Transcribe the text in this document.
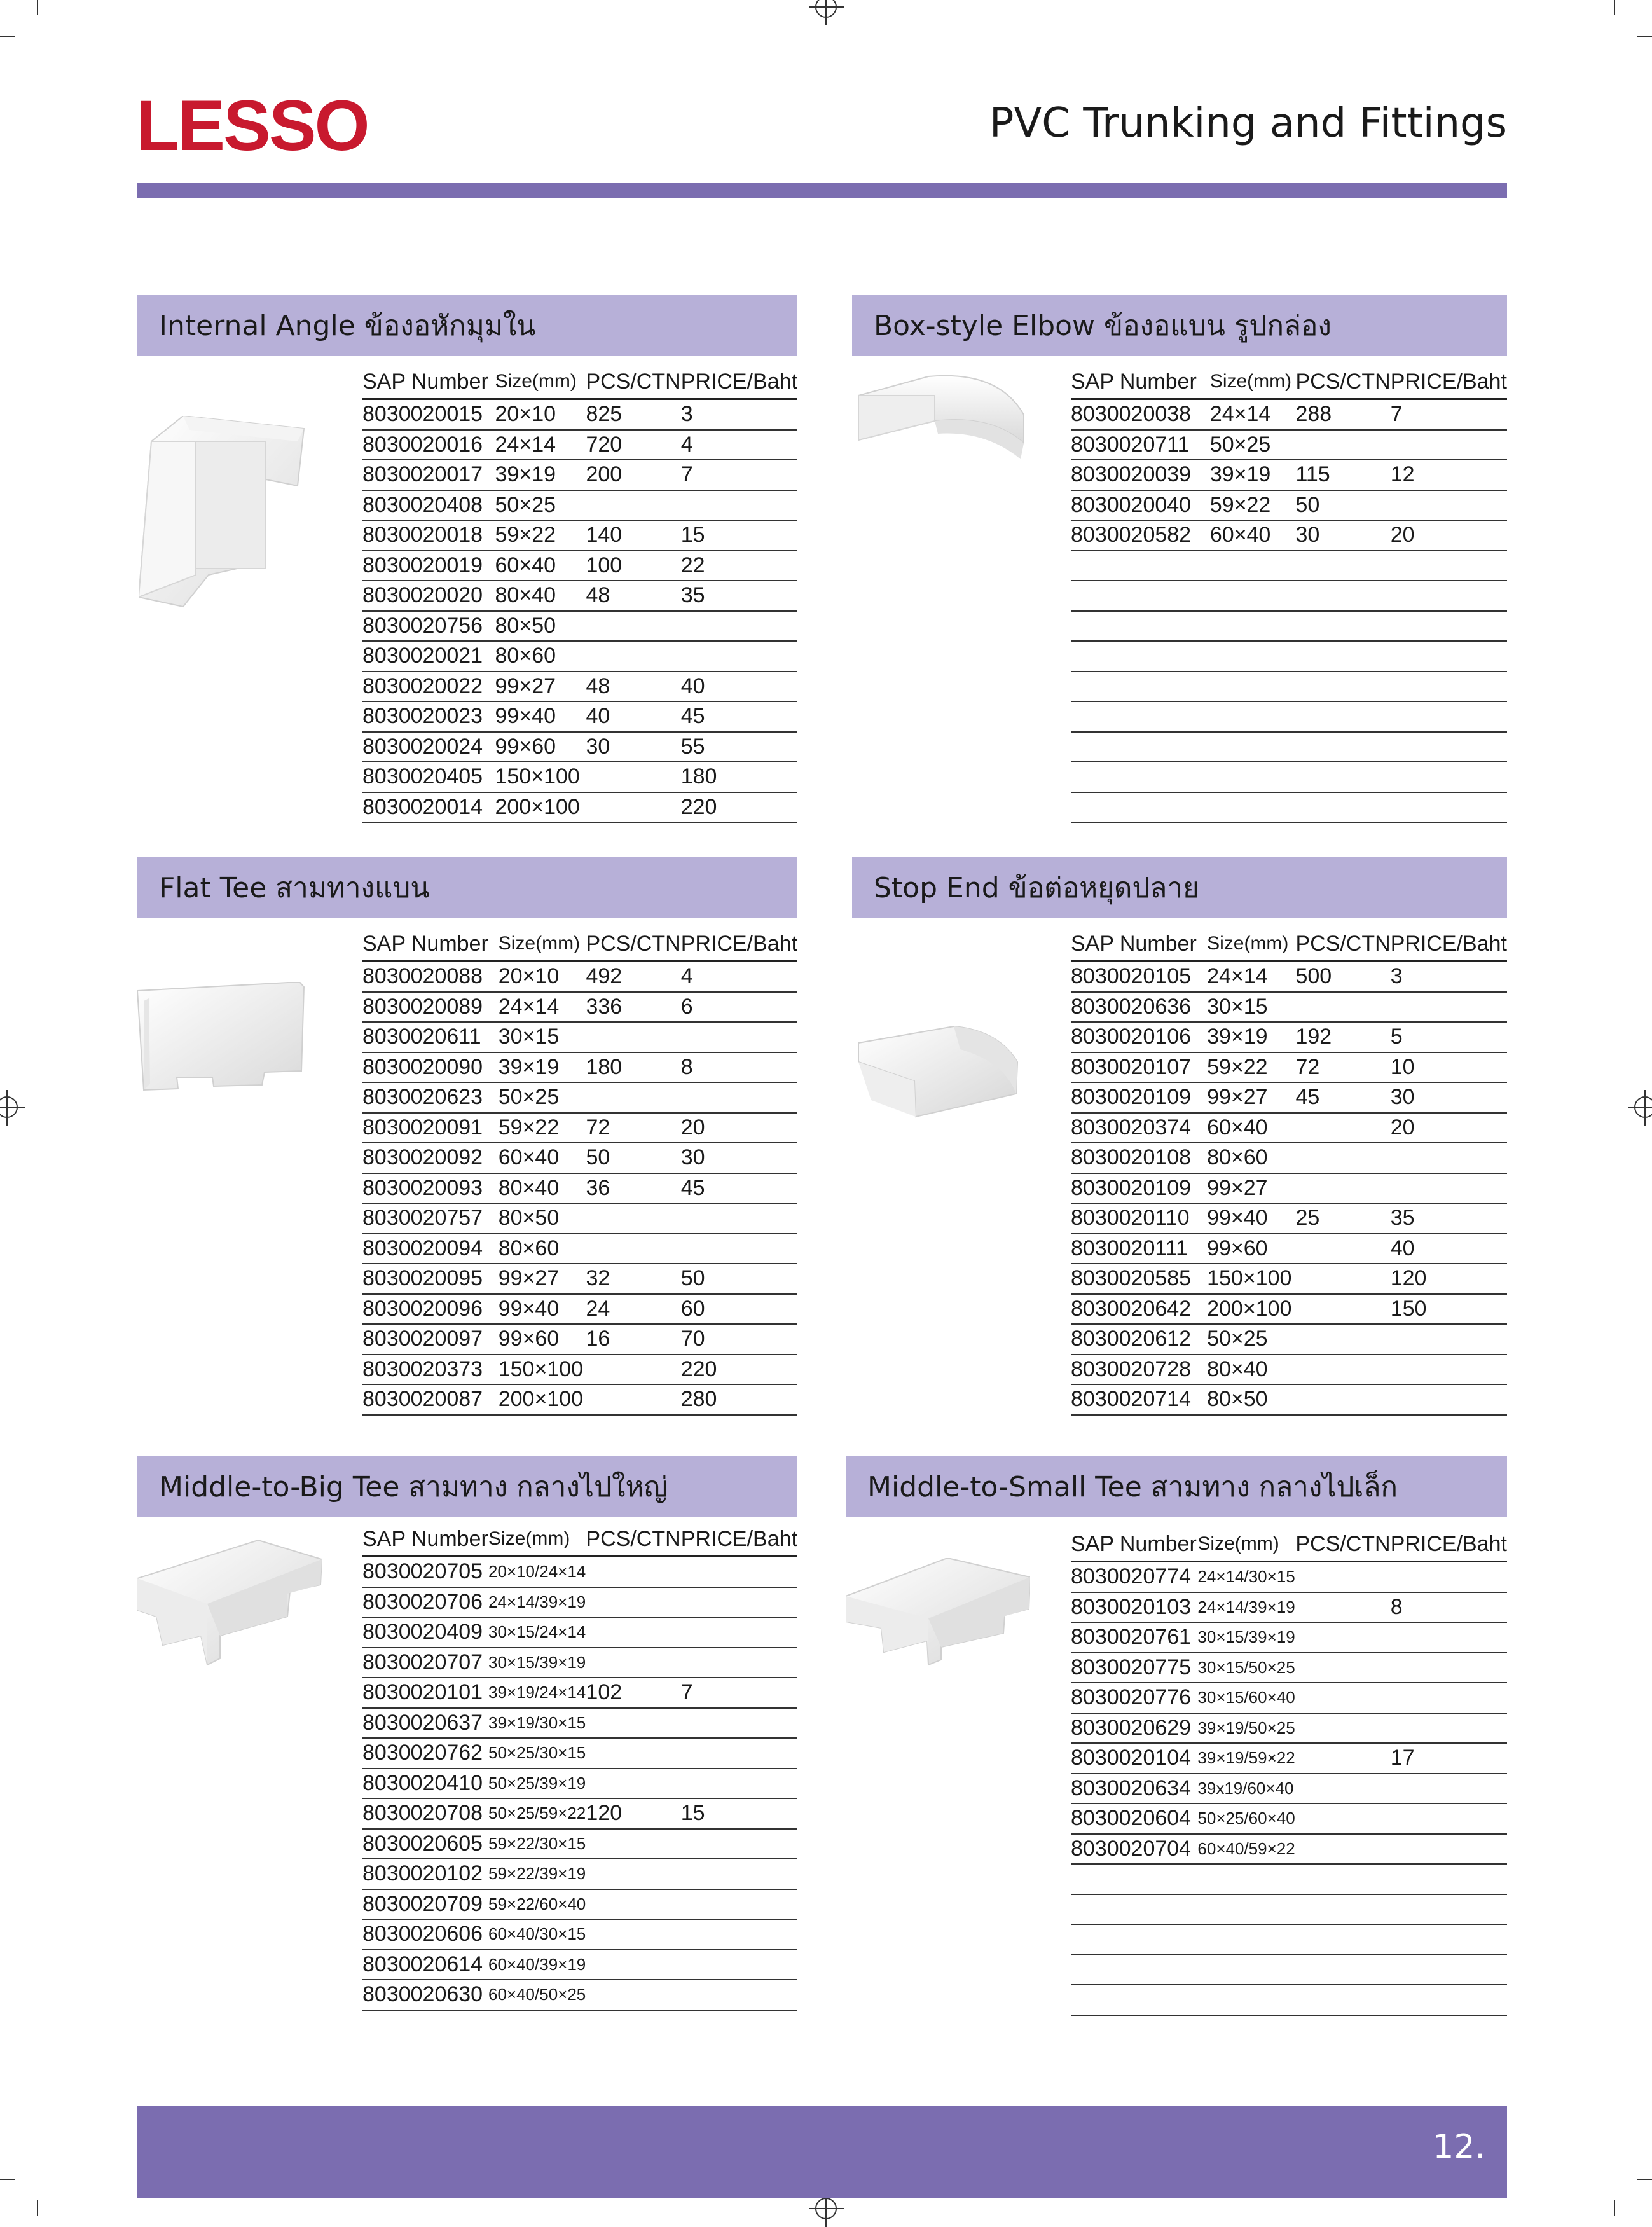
LESSO	PVC Trunking and Fittings
Internal Angle ข้องอหักมุมใน
SAP Number	Size(mm)	PCS/CTN	PRICE/Baht
8030020015	20×10	825	3
8030020016	24×14	720	4
8030020017	39×19	200	7
8030020408	50×25		
8030020018	59×22	140	15
8030020019	60×40	100	22
8030020020	80×40	48	35
8030020756	80×50		
8030020021	80×60		
8030020022	99×27	48	40
8030020023	99×40	40	45
8030020024	99×60	30	55
8030020405	150×100		180
8030020014	200×100		220
Box-style Elbow ข้องอแบน รูปกล่อง
SAP Number	Size(mm)	PCS/CTN	PRICE/Baht
8030020038	24×14	288	7
8030020711	50×25		
8030020039	39×19	115	12
8030020040	59×22	50	
8030020582	60×40	30	20

Flat Tee สามทางแบน
SAP Number	Size(mm)	PCS/CTN	PRICE/Baht
8030020088	20×10	492	4
8030020089	24×14	336	6
8030020611	30×15		
8030020090	39×19	180	8
8030020623	50×25		
8030020091	59×22	72	20
8030020092	60×40	50	30
8030020093	80×40	36	45
8030020757	80×50		
8030020094	80×60		
8030020095	99×27	32	50
8030020096	99×40	24	60
8030020097	99×60	16	70
8030020373	150×100		220
8030020087	200×100		280
Stop End ข้อต่อหยุดปลาย
SAP Number	Size(mm)	PCS/CTN	PRICE/Baht
8030020105	24×14	500	3
8030020636	30×15		
8030020106	39×19	192	5
8030020107	59×22	72	10
8030020109	99×27	45	30
8030020374	60×40		20
8030020108	80×60		
8030020109	99×27		
8030020110	99×40	25	35
8030020111	99×60		40
8030020585	150×100		120
8030020642	200×100		150
8030020612	50×25		
8030020728	80×40		
8030020714	80×50		
Middle-to-Big Tee สามทาง กลางไปใหญ่
SAP Number	Size(mm)	PCS/CTN	PRICE/Baht
8030020705	20×10/24×14		
8030020706	24×14/39×19		
8030020409	30×15/24×14		
8030020707	30×15/39×19		
8030020101	39×19/24×14	102	7
8030020637	39×19/30×15		
8030020762	50×25/30×15		
8030020410	50×25/39×19		
8030020708	50×25/59×22	120	15
8030020605	59×22/30×15		
8030020102	59×22/39×19		
8030020709	59×22/60×40		
8030020606	60×40/30×15		
8030020614	60×40/39×19		
8030020630	60×40/50×25		
Middle-to-Small Tee สามทาง กลางไปเล็ก
SAP Number	Size(mm)	PCS/CTN	PRICE/Baht
8030020774	24×14/30×15		
8030020103	24×14/39×19		8
8030020761	30×15/39×19		
8030020775	30×15/50×25		
8030020776	30×15/60×40		
8030020629	39×19/50×25		
8030020104	39×19/59×22		17
8030020634	39x19/60×40		
8030020604	50×25/60×40		
8030020704	60×40/59×22		

12.
